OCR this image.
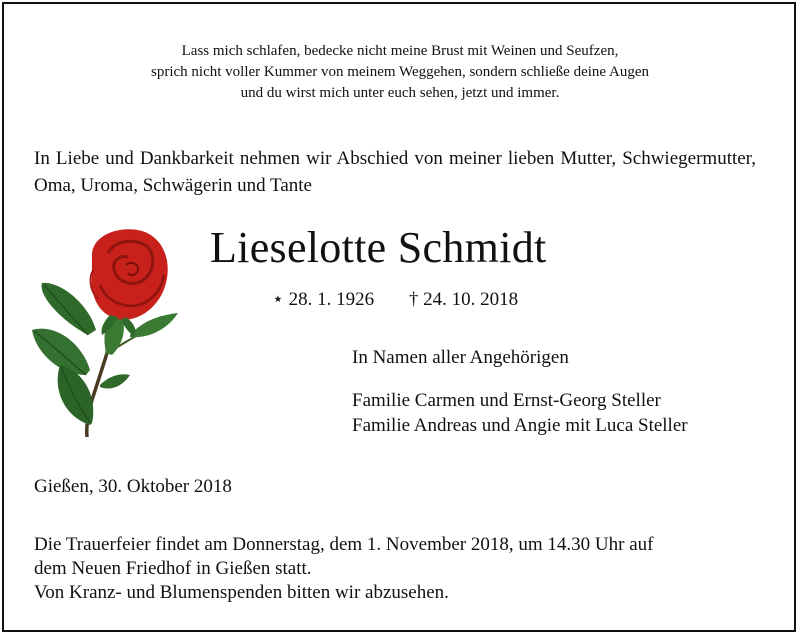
Lass mich schlafen, bedecke nicht meine Brust mit Weinen und Seufzen,
sprich nicht voller Kummer von meinem Weggehen, sondern schließe deine Augen
und du wirst mich unter euch sehen, jetzt und immer.
In Liebe und Dankbarkeit nehmen wir Abschied von meiner lieben Mutter, Schwiegermutter, Oma, Uroma, Schwägerin und Tante
Lieselotte Schmidt
⋆ 28. 1. 1926 † 24. 10. 2018
In Namen aller Angehörigen
Familie Carmen und Ernst-Georg Steller
Familie Andreas und Angie mit Luca Steller
Gießen, 30. Oktober 2018
Die Trauerfeier findet am Donnerstag, dem 1. November 2018, um 14.30 Uhr auf
dem Neuen Friedhof in Gießen statt.
Von Kranz- und Blumenspenden bitten wir abzusehen.
